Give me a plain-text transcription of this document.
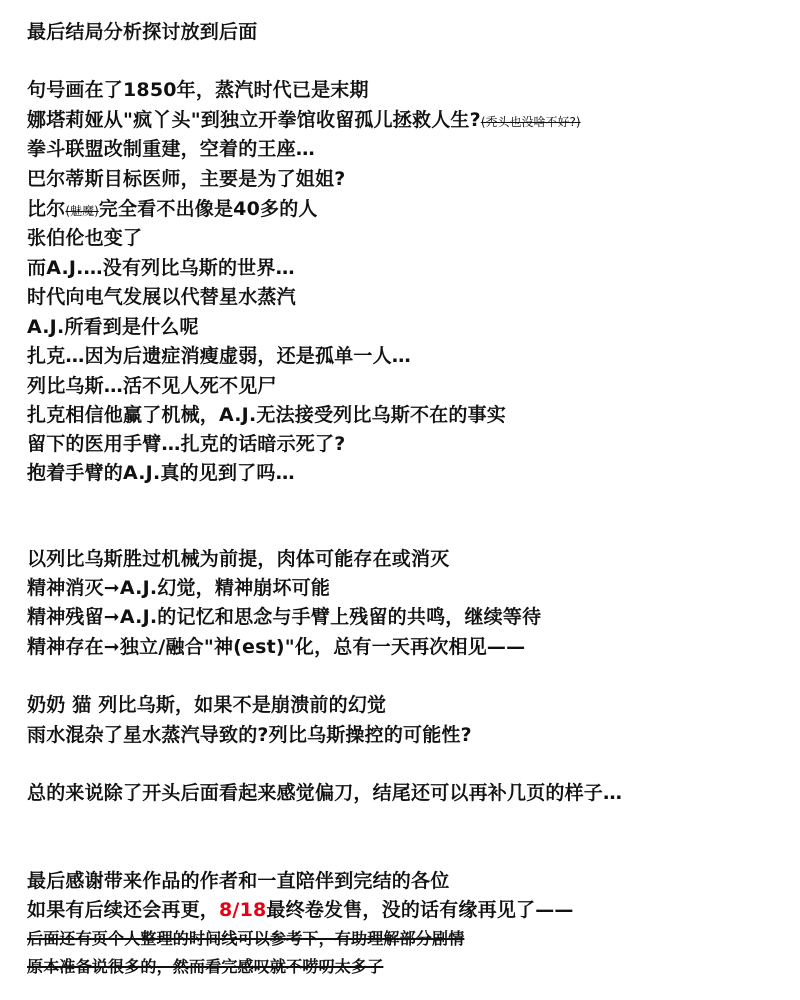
最后结局分析探讨放到后面
句号画在了1850年，蒸汽时代已是末期
娜塔莉娅从"疯丫头"到独立开拳馆收留孤儿拯救人生?(秃头也没啥不好?)
拳斗联盟改制重建，空着的王座…
巴尔蒂斯目标医师，主要是为了姐姐?
比尔(魅魔)完全看不出像是40多的人
张伯伦也变了
而A.J.…没有列比乌斯的世界…
时代向电气发展以代替星水蒸汽
A.J.所看到是什么呢
扎克…因为后遗症消瘦虚弱，还是孤单一人…
列比乌斯…活不见人死不见尸
扎克相信他赢了机械，A.J.无法接受列比乌斯不在的事实
留下的医用手臂…扎克的话暗示死了?
抱着手臂的A.J.真的见到了吗…
以列比乌斯胜过机械为前提，肉体可能存在或消灭
精神消灭➞A.J.幻觉，精神崩坏可能
精神残留➞A.J.的记忆和思念与手臂上残留的共鸣，继续等待
精神存在➞独立/融合"神(est)"化，总有一天再次相见——
奶奶 猫 列比乌斯，如果不是崩溃前的幻觉
雨水混杂了星水蒸汽导致的?列比乌斯操控的可能性?
总的来说除了开头后面看起来感觉偏刀，结尾还可以再补几页的样子…
最后感谢带来作品的作者和一直陪伴到完结的各位
如果有后续还会再更，8/18最终卷发售，没的话有缘再见了——
后面还有页个人整理的时间线可以参考下，有助理解部分剧情
原本准备说很多的，然而看完感叹就不唠叨太多了
